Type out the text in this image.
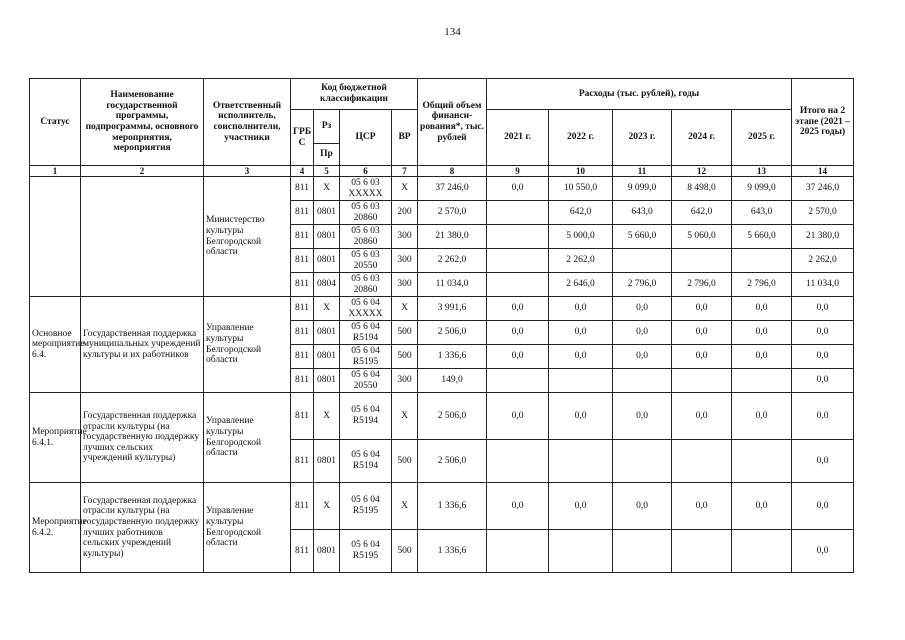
134
Статус	Наименование государственной программы, подпрограммы, основного мероприятия, мероприятия	Ответственный исполнитель, соисполнители, участники	Код бюджетной классификации				Общий объем финанси-рования*, тыс. рублей	Расходы (тыс. рублей), годы					Итого на 2 этапе (2021 – 2025 годы)
			ГРБ С	Рз	ЦСР	ВР		2021 г.	2022 г.	2023 г.	2024 г.	2025 г.	
				Пр									
1	2	3	4	5	6	7	8	9	10	11	12	13	14
		Министерство культуры Белгородской области	811	X	05 6 03 XXXXX	X	37 246,0	0,0	10 550,0	9 099,0	8 498,0	9 099,0	37 246,0
			811	0801	05 6 03 20860	200	2 570,0		642,0	643,0	642,0	643,0	2 570,0
			811	0801	05 6 03 20860	300	21 380,0		5 000,0	5 660,0	5 060,0	5 660,0	21 380,0
			811	0801	05 6 03 20550	300	2 262,0		2 262,0				2 262,0
			811	0804	05 6 03 20860	300	11 034,0		2 646,0	2 796,0	2 796,0	2 796,0	11 034,0
Основное мероприятие 6.4.	Государственная поддержка муниципальных учреждений культуры и их работников	Управление культуры Белгородской области	811	X	05 6 04 XXXXX	X	3 991,6	0,0	0,0	0,0	0,0	0,0	0,0
			811	0801	05 6 04 R5194	500	2 506,0	0,0	0,0	0,0	0,0	0,0	0,0
			811	0801	05 6 04 R5195	500	1 336,6	0,0	0,0	0,0	0,0	0,0	0,0
			811	0801	05 6 04 20550	300	149,0						0,0
Мероприятие 6.4.1.	Государственная поддержка отрасли культуры (на государственную поддержку лучших сельских учреждений культуры)	Управление культуры Белгородской области	811	X	05 6 04 R5194	X	2 506,0	0,0	0,0	0,0	0,0	0,0	0,0
			811	0801	05 6 04 R5194	500	2 506,0						0,0
Мероприятие 6.4.2.	Государственная поддержка отрасли культуры (на государственную поддержку лучших работников сельских учреждений культуры)	Управление культуры Белгородской области	811	X	05 6 04 R5195	X	1 336,6	0,0	0,0	0,0	0,0	0,0	0,0
			811	0801	05 6 04 R5195	500	1 336,6						0,0
